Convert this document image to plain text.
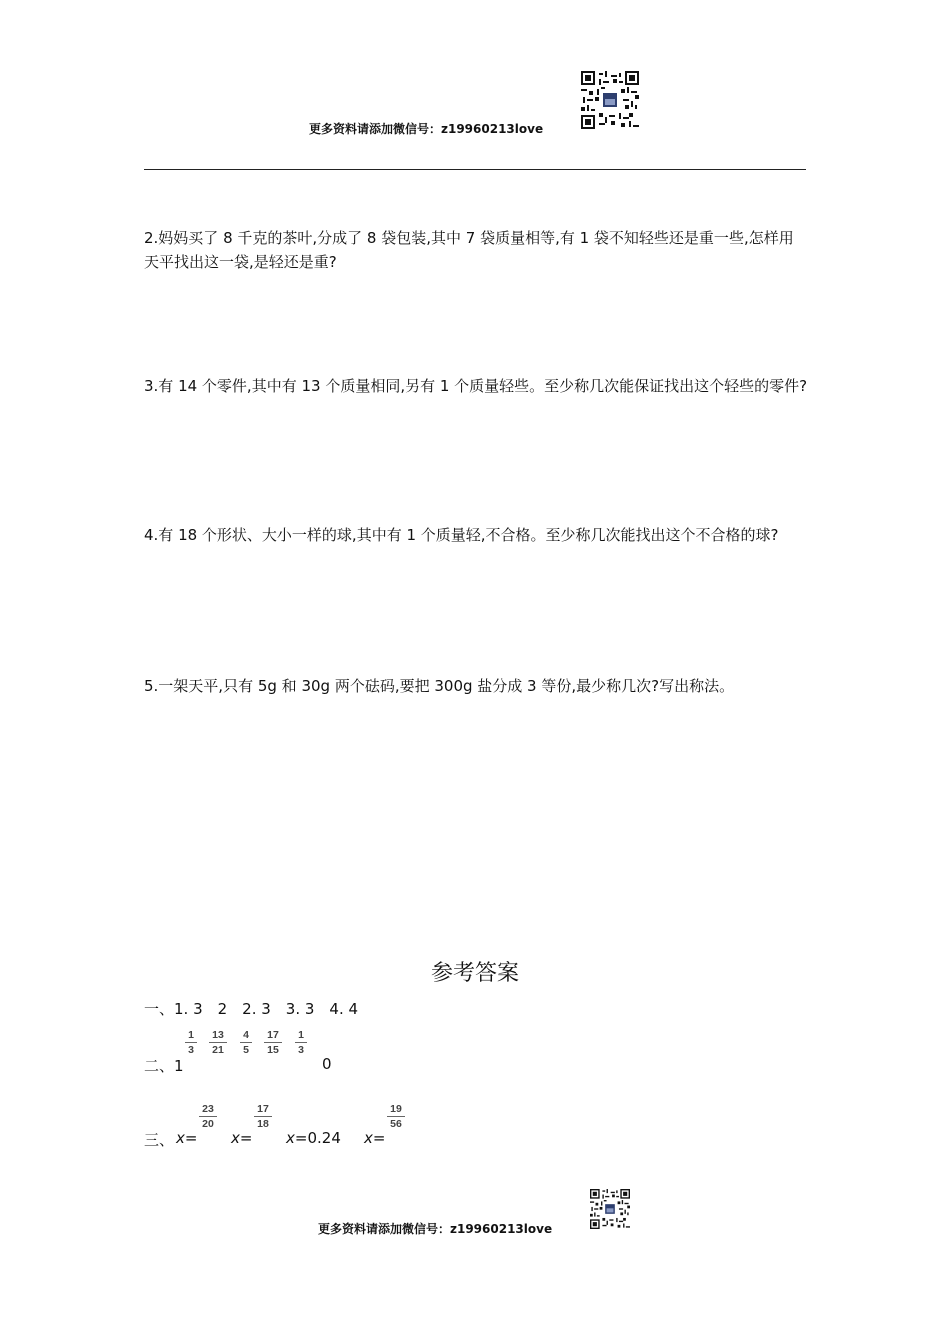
更多资料请添加微信号：z19960213love
2.妈妈买了 8 千克的茶叶,分成了 8 袋包装,其中 7 袋质量相等,有 1 袋不知轻些还是重一些,怎样用天平找出这一袋,是轻还是重?
3.有 14 个零件,其中有 13 个质量相同,另有 1 个质量轻些。至少称几次能保证找出这个轻些的零件?
4.有 18 个形状、大小一样的球,其中有 1 个质量轻,不合格。至少称几次能找出这个不合格的球?
5.一架天平,只有 5g 和 30g 两个砝码,要把 300g 盐分成 3 等份,最少称几次?写出称法。
参考答案
一、1. 3　2　2. 3　3. 3　4. 4
二、1
1
3
13
21
4
5
17
15
1
3
0
三、 x=
23
20
x=
17
18
x=0.24 x=
19
56
更多资料请添加微信号：z19960213love
